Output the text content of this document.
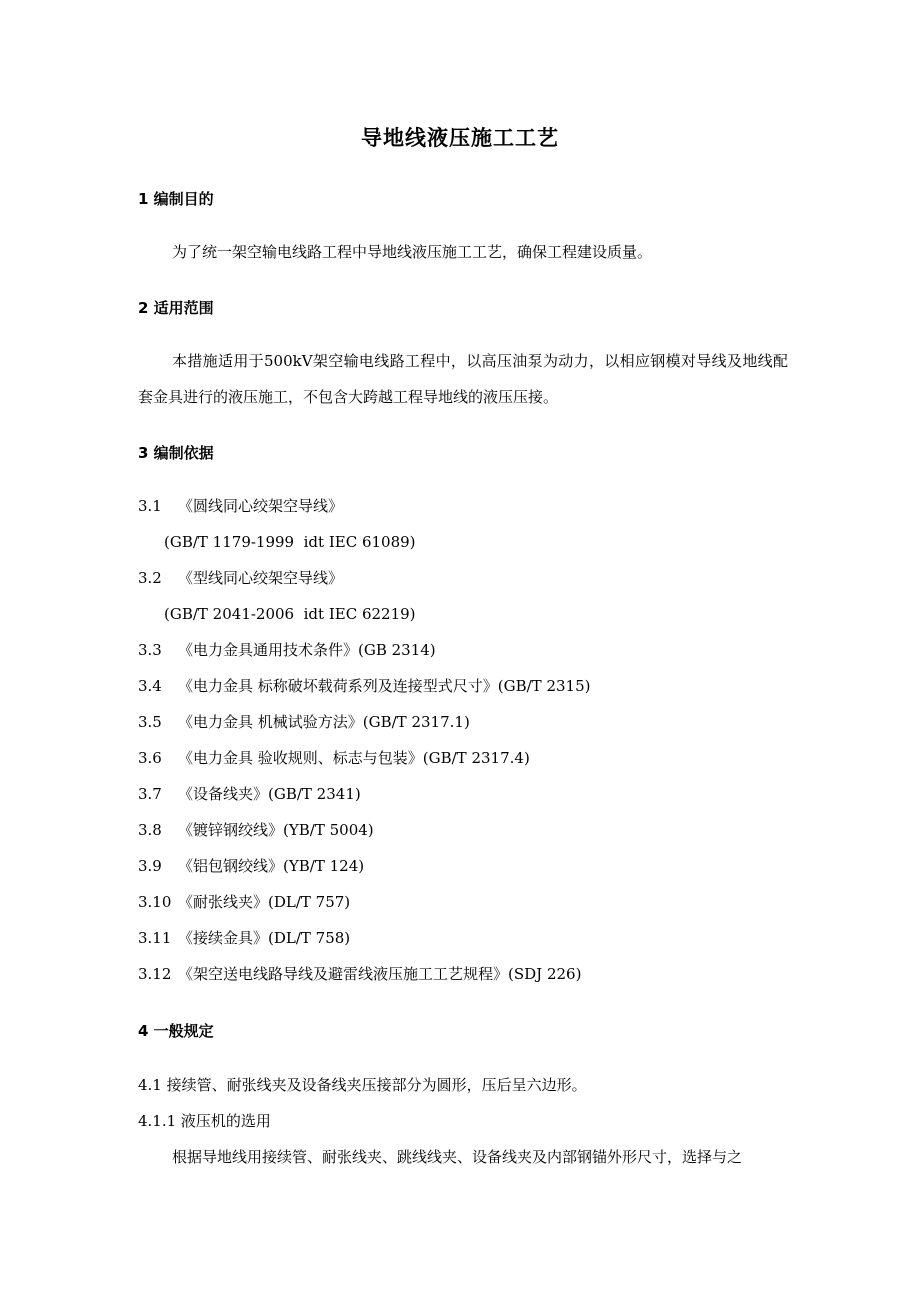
导地线液压施工工艺
1 编制目的

为了统一架空输电线路工程中导地线液压施工工艺，确保工程建设质量。

2 适用范围

本措施适用于500kV架空输电线路工程中，以高压油泵为动力，以相应钢模对导线及地线配套金具进行的液压施工，不包含大跨越工程导地线的液压压接。

3 编制依据

3.1 《圆线同心绞架空导线》

(GB/T 1179-1999  idt IEC 61089)

3.2 《型线同心绞架空导线》

(GB/T 2041-2006  idt IEC 62219)

3.3 《电力金具通用技术条件》(GB 2314)

3.4 《电力金具 标称破坏载荷系列及连接型式尺寸》(GB/T 2315)

3.5 《电力金具 机械试验方法》(GB/T 2317.1)

3.6 《电力金具 验收规则、标志与包装》(GB/T 2317.4)

3.7 《设备线夹》(GB/T 2341)

3.8 《镀锌钢绞线》(YB/T 5004)

3.9 《铝包钢绞线》(YB/T 124)

3.10 《耐张线夹》(DL/T 757)

3.11 《接续金具》(DL/T 758)

3.12 《架空送电线路导线及避雷线液压施工工艺规程》(SDJ 226)

4 一般规定

4.1 接续管、耐张线夹及设备线夹压接部分为圆形，压后呈六边形。

4.1.1 液压机的选用

根据导地线用接续管、耐张线夹、跳线线夹、设备线夹及内部钢锚外形尺寸，选择与之
